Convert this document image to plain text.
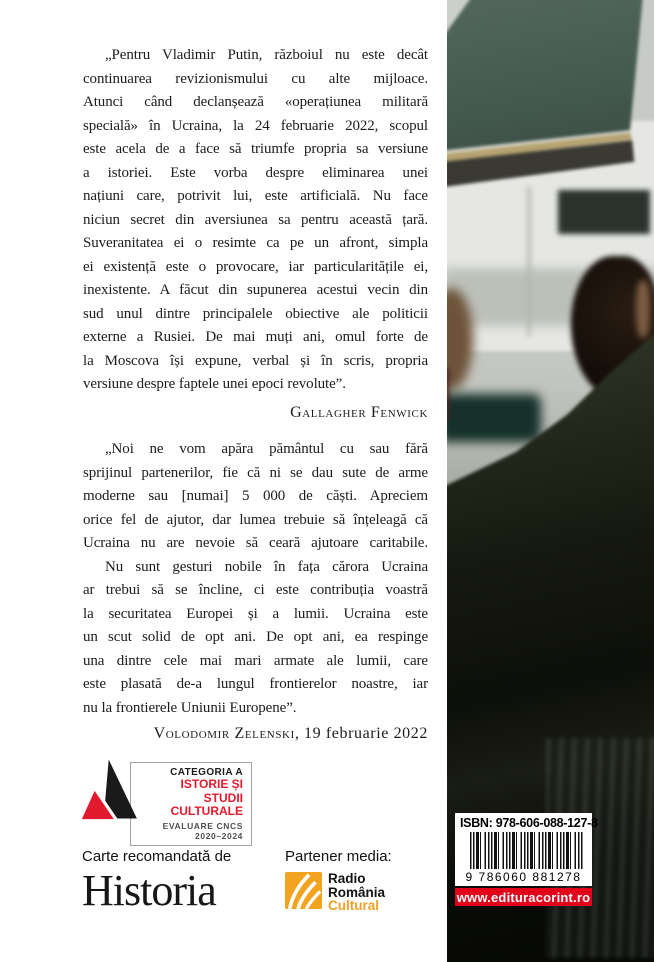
„Pentru Vladimir Putin, războiul nu este decât
continuarea revizionismului cu alte mijloace.
Atunci când declanșează «operațiunea militară
specială» în Ucraina, la 24 februarie 2022, scopul
este acela de a face să triumfe propria sa versiune
a istoriei. Este vorba despre eliminarea unei
națiuni care, potrivit lui, este artificială. Nu face
niciun secret din aversiunea sa pentru această țară.
Suveranitatea ei o resimte ca pe un afront, simpla
ei existență este o provocare, iar particularitățile ei,
inexistente. A făcut din supunerea acestui vecin din
sud unul dintre principalele obiective ale politicii
externe a Rusiei. De mai muți ani, omul forte de
la Moscova își expune, verbal și în scris, propria
versiune despre faptele unei epoci revolute”.
Gallagher Fenwick
„Noi ne vom apăra pământul cu sau fără
sprijinul partenerilor, fie că ni se dau sute de arme
moderne sau [numai] 5 000 de căști. Apreciem
orice fel de ajutor, dar lumea trebuie să înțeleagă că
Ucraina nu are nevoie să ceară ajutoare caritabile.
Nu sunt gesturi nobile în fața cărora Ucraina
ar trebui să se încline, ci este contribuția voastră
la securitatea Europei și a lumii. Ucraina este
un scut solid de opt ani. De opt ani, ea respinge
una dintre cele mai mari armate ale lumii, care
este plasată de-a lungul frontierelor noastre, iar
nu la frontierele Uniunii Europene”.
Volodomir Zelenski, 19 februarie 2022
CATEGORIA A
ISTORIE ȘI STUDII
CULTURALE
EVALUARE CNCS
2020–2024
Carte recomandată de
Historia
Partener media:
Radio
România
Cultural
ISBN: 978-606-088-127-8
9 786060 881278
www.edituracorint.ro
